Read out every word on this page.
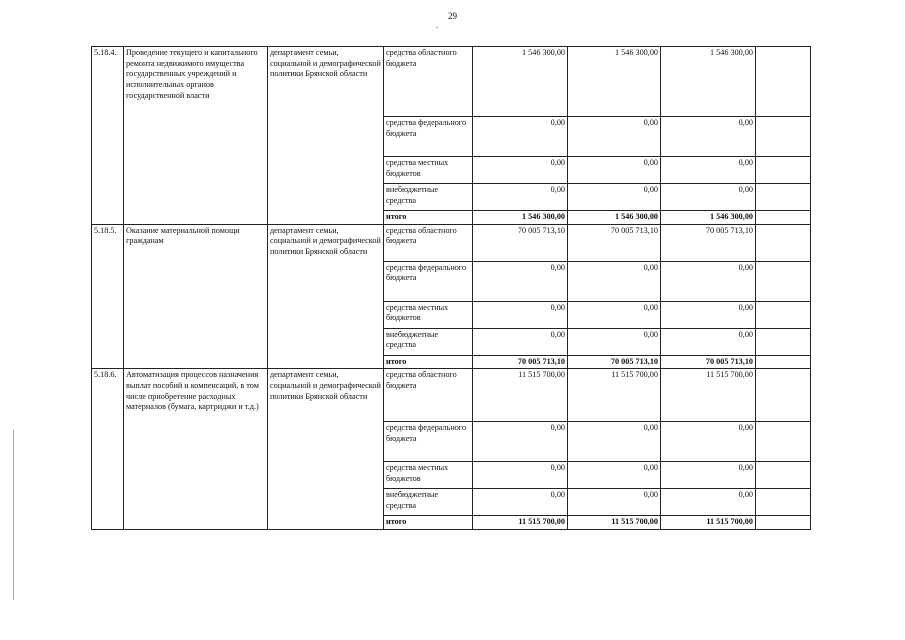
29
5.18.4.	Проведение текущего и капитального ремонта недвижимого имущества государственных учреждений и исполнительных органов государственной власти	департамент семьи, социальной и демографической политики Брянской области	средства областного бюджета	1 546 300,00	1 546 300,00	1 546 300,00	
			средства федерального бюджета	0,00	0,00	0,00	
			средства местных бюджетов	0,00	0,00	0,00	
			внебюджетные средства	0,00	0,00	0,00	
			итого	1 546 300,00	1 546 300,00	1 546 300,00	
5.18.5.	Оказание материальной помощи гражданам	департамент семьи, социальной и демографической политики Брянской области	средства областного бюджета	70 005 713,10	70 005 713,10	70 005 713,10	
			средства федерального бюджета	0,00	0,00	0,00	
			средства местных бюджетов	0,00	0,00	0,00	
			внебюджетные средства	0,00	0,00	0,00	
			итого	70 005 713,10	70 005 713,10	70 005 713,10	
5.18.6.	Автоматизация процессов назначения выплат пособий и компенсаций, в том числе приобретение расходных материалов (бумага, картриджи и т.д.)	департамент семьи, социальной и демографической политики Брянской области	средства областного бюджета	11 515 700,00	11 515 700,00	11 515 700,00	
			средства федерального бюджета	0,00	0,00	0,00	
			средства местных бюджетов	0,00	0,00	0,00	
			внебюджетные средства	0,00	0,00	0,00	
			итого	11 515 700,00	11 515 700,00	11 515 700,00	
